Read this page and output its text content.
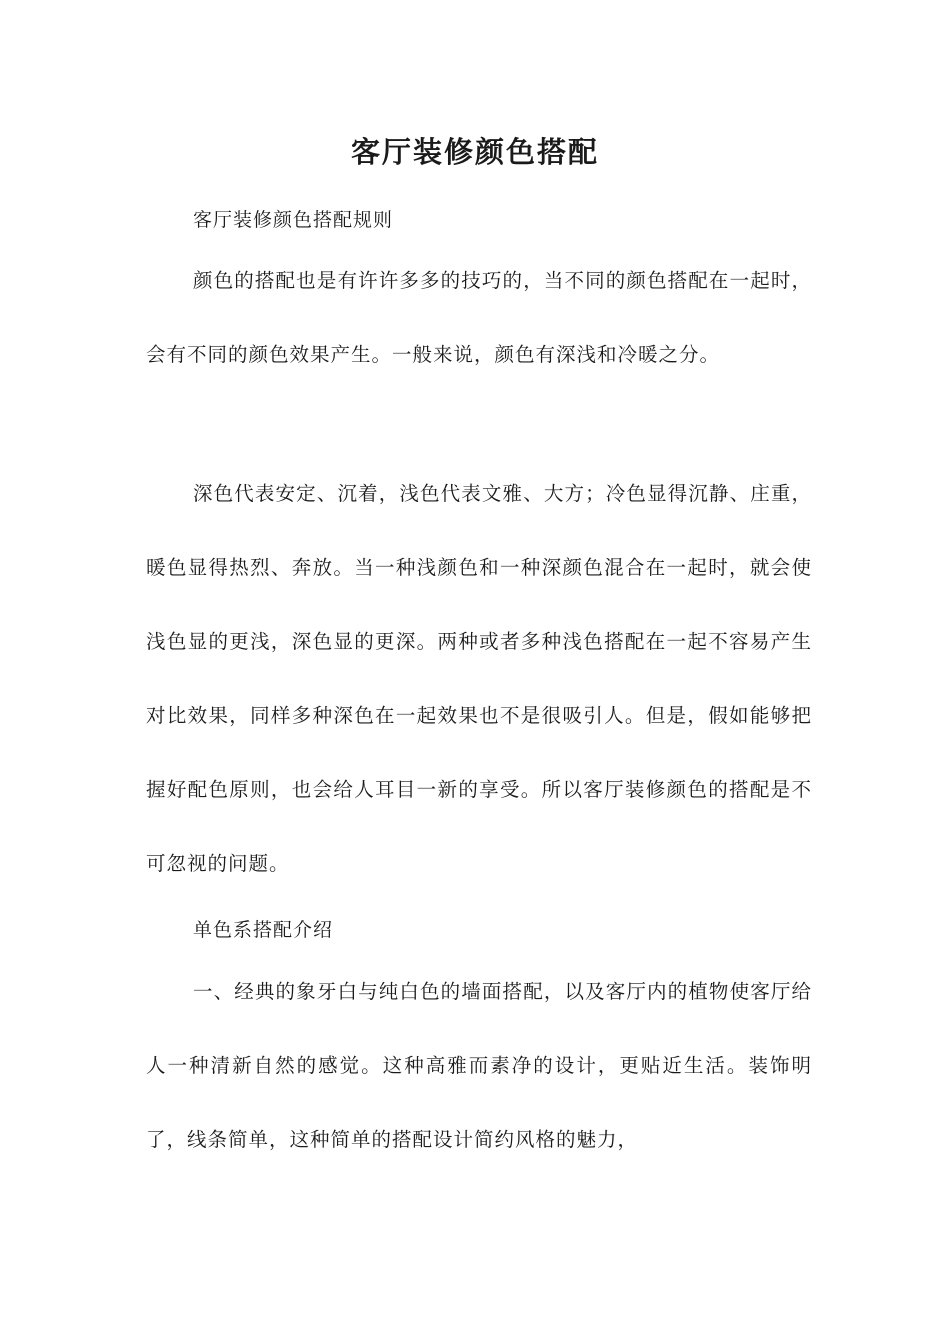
客厅装修颜色搭配
客厅装修颜色搭配规则

颜色的搭配也是有许许多多的技巧的，当不同的颜色搭配在一起时，会有不同的颜色效果产生。一般来说，颜色有深浅和冷暖之分。

深色代表安定、沉着，浅色代表文雅、大方；冷色显得沉静、庄重，暖色显得热烈、奔放。当一种浅颜色和一种深颜色混合在一起时，就会使浅色显的更浅，深色显的更深。两种或者多种浅色搭配在一起不容易产生对比效果，同样多种深色在一起效果也不是很吸引人。但是，假如能够把握好配色原则，也会给人耳目一新的享受。所以客厅装修颜色的搭配是不可忽视的问题。

单色系搭配介绍

一、经典的象牙白与纯白色的墙面搭配，以及客厅内的植物使客厅给人一种清新自然的感觉。这种高雅而素净的设计，更贴近生活。装饰明了，线条简单，这种简单的搭配设计简约风格的魅力，
